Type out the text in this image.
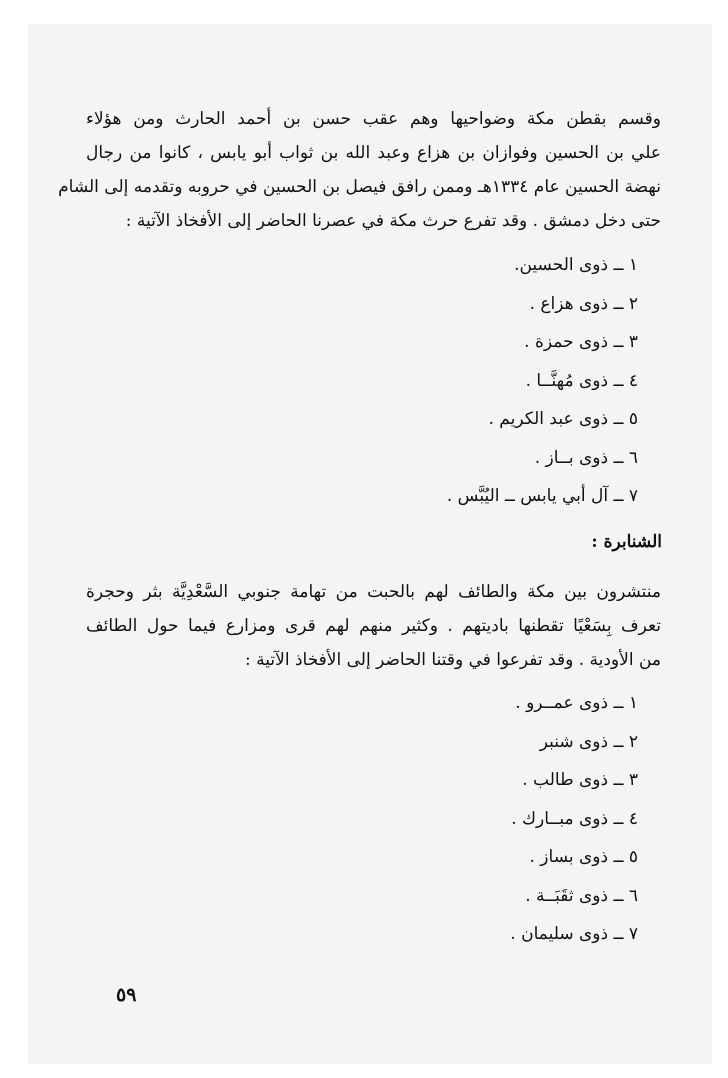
وقسم بقطن مكة وضواحيها وهم عقب حسن بن أحمد الحارث ومن هؤلاء
علي بن الحسين وفوازان بن هزاع وعبد الله بن ثواب أبو يابس ، كانوا من رجال
نهضة الحسين عام ١٣٣٤هـ وممن رافق فيصل بن الحسين في حروبه وتقدمه إلى الشام
حتى دخل دمشق . وقد تفرع حرث مكة في عصرنا الحاضر إلى الأفخاذ الآتية :
١ ــ ذوى الحسين.
٢ ــ ذوى هزاع .
٣ ــ ذوى حمزة .
٤ ــ ذوى مُهنَّــا .
٥ ــ ذوى عبد الكريم .
٦ ــ ذوى بــاز .
٧ ــ آل أبي يابس ــ اليُبَّس .
الشنابرة :
منتشرون بين مكة والطائف لهم بالحبت من تهامة جنوبي السَّعْدِيَّة بثر وحجرة
تعرف بِسَعْيًا تقطنها باديتهم . وكثير منهم لهم قرى ومزارع فيما حول الطائف
من الأودية . وقد تفرعوا في وقتنا الحاضر إلى الأفخاذ الآتية :
١ ــ ذوى عمــرو .
٢ ــ ذوى شنبر
٣ ــ ذوى طالب .
٤ ــ ذوى مبــارك .
٥ ــ ذوى بساز .
٦ ــ ذوى ثقَبَــة .
٧ ــ ذوى سليمان .
٥٩
